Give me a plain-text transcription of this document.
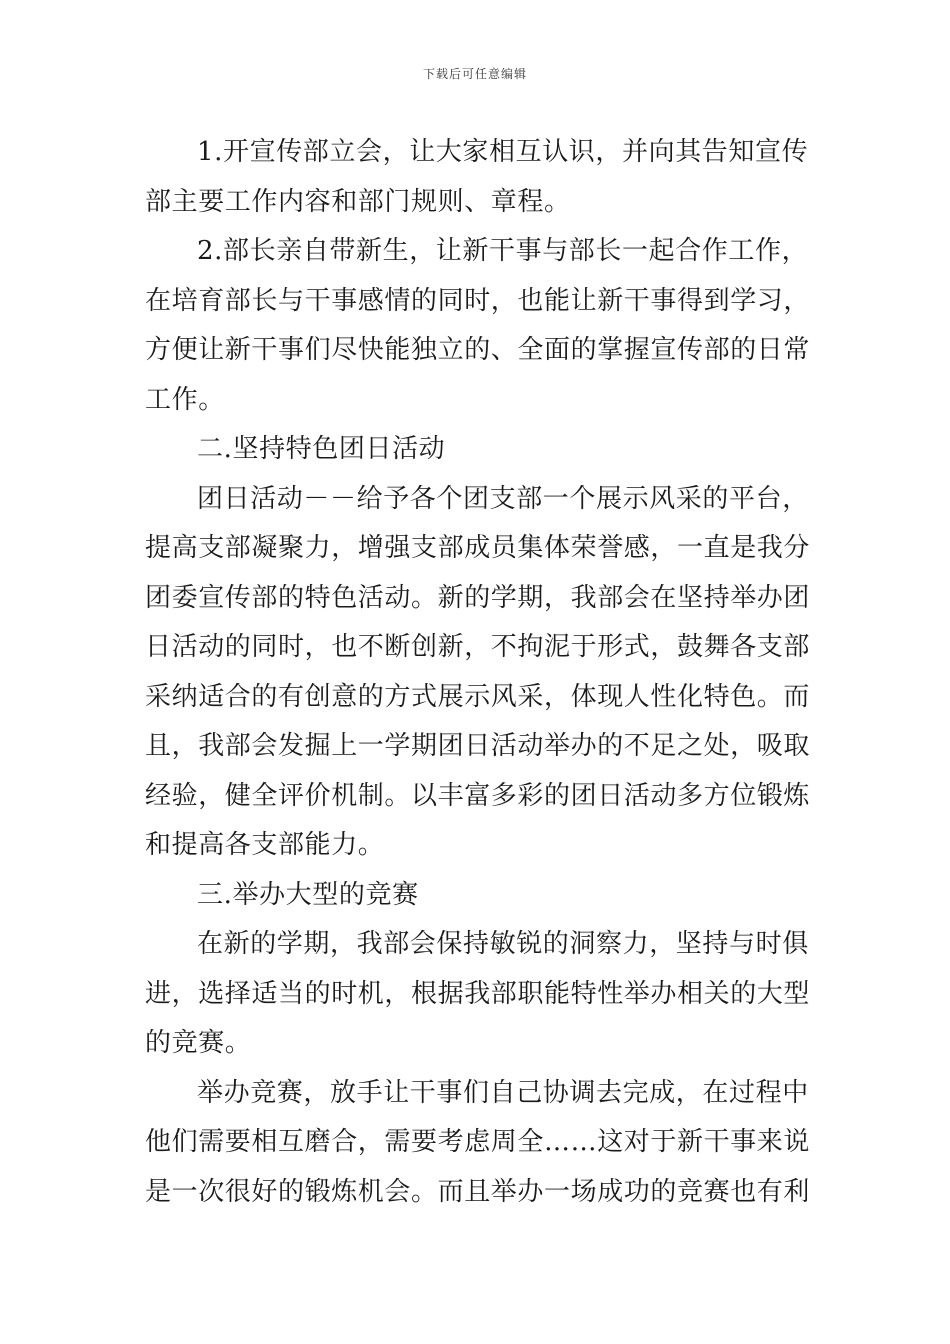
下载后可任意编辑

1.开宣传部立会，让大家相互认识，并向其告知宣传
部主要工作内容和部门规则、章程。

2.部长亲自带新生，让新干事与部长一起合作工作，
在培育部长与干事感情的同时，也能让新干事得到学习，
方便让新干事们尽快能独立的、全面的掌握宣传部的日常
工作。

二.坚持特色团日活动

团日活动－－给予各个团支部一个展示风采的平台，
提高支部凝聚力，增强支部成员集体荣誉感，一直是我分
团委宣传部的特色活动。新的学期，我部会在坚持举办团
日活动的同时，也不断创新，不拘泥于形式，鼓舞各支部
采纳适合的有创意的方式展示风采，体现人性化特色。而
且，我部会发掘上一学期团日活动举办的不足之处，吸取
经验，健全评价机制。以丰富多彩的团日活动多方位锻炼
和提高各支部能力。

三.举办大型的竞赛

在新的学期，我部会保持敏锐的洞察力，坚持与时俱
进，选择适当的时机，根据我部职能特性举办相关的大型
的竞赛。

举办竞赛，放手让干事们自己协调去完成，在过程中
他们需要相互磨合，需要考虑周全……这对于新干事来说
是一次很好的锻炼机会。而且举办一场成功的竞赛也有利
